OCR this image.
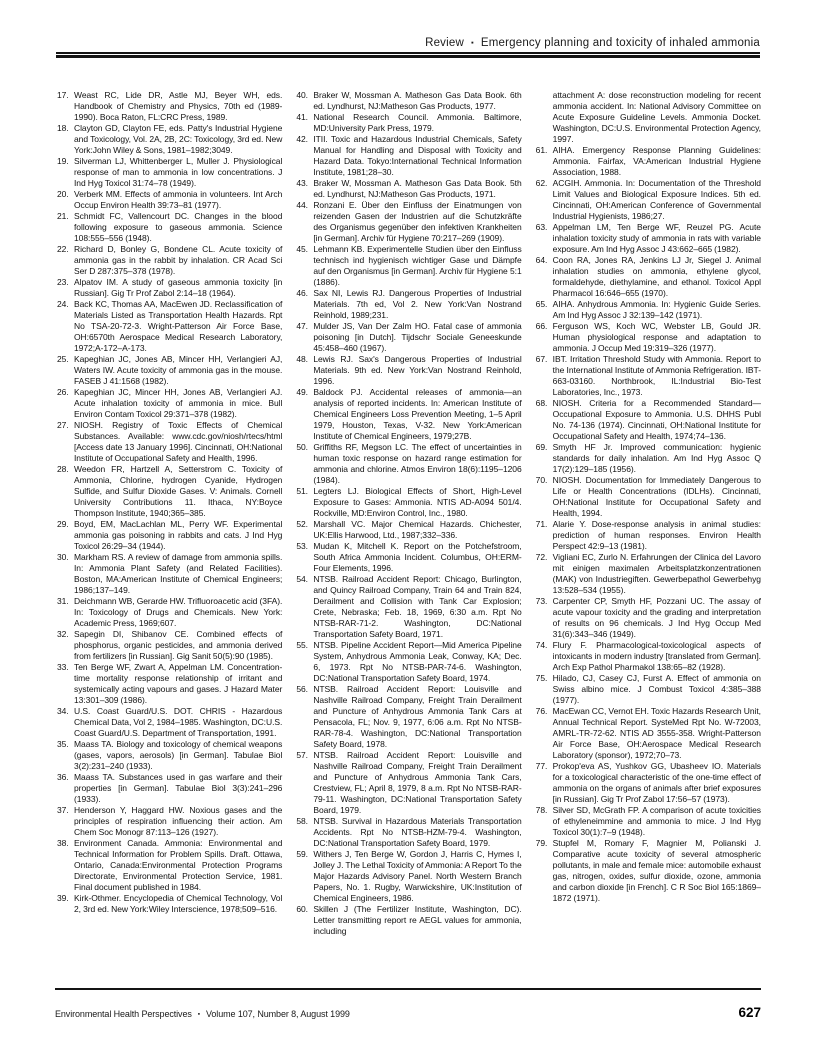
Review ▪ Emergency planning and toxicity of inhaled ammonia
17. Weast RC, Lide DR, Astle MJ, Beyer WH, eds. Handbook of Chemistry and Physics, 70th ed (1989-1990). Boca Raton, FL:CRC Press, 1989.
18. Clayton GD, Clayton FE, eds. Patty's Industrial Hygiene and Toxicology, Vol. 2A, 2B, 2C: Toxicology, 3rd ed. New York:John Wiley & Sons, 1981–1982;3049.
19. Silverman LJ, Whittenberger L, Muller J. Physiological response of man to ammonia in low concentrations. J Ind Hyg Toxicol 31:74–78 (1949).
20. Verberk MM. Effects of ammonia in volunteers. Int Arch Occup Environ Health 39:73–81 (1977).
21. Schmidt FC, Vallencourt DC. Changes in the blood following exposure to gaseous ammonia. Science 108:555–556 (1948).
22. Richard D, Bonley G, Bondene CL. Acute toxicity of ammonia gas in the rabbit by inhalation. CR Acad Sci Ser D 287:375–378 (1978).
23. Alpatov IM. A study of gaseous ammonia toxicity [in Russian]. Gig Tr Prof Zabol 2:14–18 (1964).
24. Back KC, Thomas AA, MacEwen JD. Reclassification of Materials Listed as Transportation Health Hazards. Rpt No TSA-20-72-3. Wright-Patterson Air Force Base, OH:6570th Aerospace Medical Research Laboratory, 1972;A-172–A-173.
25. Kapeghian JC, Jones AB, Mincer HH, Verlangieri AJ, Waters IW. Acute toxicity of ammonia gas in the mouse. FASEB J 41:1568 (1982).
26. Kapeghian JC, Mincer HH, Jones AB, Verlangieri AJ. Acute inhalation toxicity of ammonia in mice. Bull Environ Contam Toxicol 29:371–378 (1982).
27. NIOSH. Registry of Toxic Effects of Chemical Substances. Available: www.cdc.gov/niosh/rtecs/html [Access date 13 January 1996]. Cincinnati, OH:National Institute of Occupational Safety and Health, 1996.
28. Weedon FR, Hartzell A, Setterstrom C. Toxicity of Ammonia, Chlorine, hydrogen Cyanide, Hydrogen Sulfide, and Sulfur Dioxide Gases. V: Animals. Cornell University Contributions 11. Ithaca, NY:Boyce Thompson Institute, 1940;365–385.
29. Boyd, EM, MacLachlan ML, Perry WF. Experimental ammonia gas poisoning in rabbits and cats. J Ind Hyg Toxicol 26:29–34 (1944).
30. Markham RS. A review of damage from ammonia spills. In: Ammonia Plant Safety (and Related Facilities). Boston, MA:American Institute of Chemical Engineers; 1986;137–149.
31. Deichmann WB, Gerarde HW. Trifluoroacetic acid (3FA). In: Toxicology of Drugs and Chemicals. New York: Academic Press, 1969;607.
32. Sapegin DI, Shibanov CE. Combined effects of phosphorus, organic pesticides, and ammonia derived from fertilizers [in Russian]. Gig Sanit 50(5):90 (1985).
33. Ten Berge WF, Zwart A, Appelman LM. Concentration-time mortality response relationship of irritant and systemically acting vapours and gases. J Hazard Mater 13:301–309 (1986).
34. U.S. Coast Guard/U.S. DOT. CHRIS - Hazardous Chemical Data, Vol 2, 1984–1985. Washington, DC:U.S. Coast Guard/U.S. Department of Transportation, 1991.
35. Maass TA. Biology and toxicology of chemical weapons (gases, vapors, aerosols) [in German]. Tabulae Biol 3(2):231–240 (1933).
36. Maass TA. Substances used in gas warfare and their properties [in German]. Tabulae Biol 3(3):241–296 (1933).
37. Henderson Y, Haggard HW. Noxious gases and the principles of respiration influencing their action. Am Chem Soc Monogr 87:113–126 (1927).
38. Environment Canada. Ammonia: Environmental and Technical Information for Problem Spills. Draft. Ottawa, Ontario, Canada:Environmental Protection Programs Directorate, Environmental Protection Service, 1981. Final document published in 1984.
39. Kirk-Othmer. Encyclopedia of Chemical Technology, Vol 2, 3rd ed. New York:Wiley Interscience, 1978;509–516.
40. Braker W, Mossman A. Matheson Gas Data Book. 6th ed. Lyndhurst, NJ:Matheson Gas Products, 1977.
41. National Research Council. Ammonia. Baltimore, MD:University Park Press, 1979.
42. ITII. Toxic and Hazardous Industrial Chemicals, Safety Manual for Handling and Disposal with Toxicity and Hazard Data. Tokyo:International Technical Information Institute, 1981;28–30.
43. Braker W, Mossman A. Matheson Gas Data Book. 5th ed. Lyndhurst, NJ:Matheson Gas Products, 1971.
44. Ronzani E. Über den Einfluss der Einatmungen von reizenden Gasen der Industrien auf die Schutzkräfte des Organismus gegenüber den infektiven Krankheiten [in German]. Archiv für Hygiene 70:217–269 (1909).
45. Lehmann KB. Experimentelle Studien über den Einfluss technisch ind hygienisch wichtiger Gase und Dämpfe auf den Organismus [in German]. Archiv für Hygiene 5:1 (1886).
46. Sax NI, Lewis RJ. Dangerous Properties of Industrial Materials. 7th ed, Vol 2. New York:Van Nostrand Reinhold, 1989;231.
47. Mulder JS, Van Der Zalm HO. Fatal case of ammonia poisoning [in Dutch]. Tijdschr Sociale Geneeskunde 45:458–460 (1967).
48. Lewis RJ. Sax's Dangerous Properties of Industrial Materials. 9th ed. New York:Van Nostrand Reinhold, 1996.
49. Baldock PJ. Accidental releases of ammonia—an analysis of reported incidents. In: American Institute of Chemical Engineers Loss Prevention Meeting, 1–5 April 1979, Houston, Texas, V-32. New York:American Institute of Chemical Engineers, 1979;27B.
50. Griffiths RF, Megson LC. The effect of uncertainties in human toxic response on hazard range estimation for ammonia and chlorine. Atmos Environ 18(6):1195–1206 (1984).
51. Legters LJ. Biological Effects of Short, High-Level Exposure to Gases: Ammonia. NTIS AD-A094 501/4. Rockville, MD:Environ Control, Inc., 1980.
52. Marshall VC. Major Chemical Hazards. Chichester, UK:Ellis Harwood, Ltd., 1987;332–336.
53. Mudan K, Mitchell K. Report on the Potchefstroom, South Africa Ammonia Incident. Columbus, OH:ERM-Four Elements, 1996.
54. NTSB. Railroad Accident Report: Chicago, Burlington, and Quincy Railroad Company, Train 64 and Train 824, Derailment and Collision with Tank Car Explosion; Crete, Nebraska; Feb. 18, 1969, 6:30 a.m. Rpt No NTSB-RAR-71-2. Washington, DC:National Transportation Safety Board, 1971.
55. NTSB. Pipeline Accident Report—Mid America Pipeline System, Anhydrous Ammonia Leak, Conway, KA; Dec. 6, 1973. Rpt No NTSB-PAR-74-6. Washington, DC:National Transportation Safety Board, 1974.
56. NTSB. Railroad Accident Report: Louisville and Nashville Railroad Company, Freight Train Derailment and Puncture of Anhydrous Ammonia Tank Cars at Pensacola, FL; Nov. 9, 1977, 6:06 a.m. Rpt No NTSB-RAR-78-4. Washington, DC:National Transportation Safety Board, 1978.
57. NTSB. Railroad Accident Report: Louisville and Nashville Railroad Company, Freight Train Derailment and Puncture of Anhydrous Ammonia Tank Cars, Crestview, FL; April 8, 1979, 8 a.m. Rpt No NTSB-RAR-79-11. Washington, DC:National Transportation Safety Board, 1979.
58. NTSB. Survival in Hazardous Materials Transportation Accidents. Rpt No NTSB-HZM-79-4. Washington, DC:National Transportation Safety Board, 1979.
59. Withers J, Ten Berge W, Gordon J, Harris C, Hymes I, Jolley J. The Lethal Toxicity of Ammonia: A Report To the Major Hazards Advisory Panel. North Western Branch Papers, No. 1. Rugby, Warwickshire, UK:Institution of Chemical Engineers, 1986.
60. Skillen J (The Fertilizer Institute, Washington, DC). Letter transmitting report re AEGL values for ammonia, including
attachment A: dose reconstruction modeling for recent ammonia accident. In: National Advisory Committee on Acute Exposure Guideline Levels. Ammonia Docket. Washington, DC:U.S. Environmental Protection Agency, 1997.
61. AIHA. Emergency Response Planning Guidelines: Ammonia. Fairfax, VA:American Industrial Hygiene Association, 1988.
62. ACGIH. Ammonia. In: Documentation of the Threshold Limit Values and Biological Exposure Indices. 5th ed. Cincinnati, OH:American Conference of Governmental Industrial Hygienists, 1986;27.
63. Appelman LM, Ten Berge WF, Reuzel PG. Acute inhalation toxicity study of ammonia in rats with variable exposure. Am Ind Hyg Assoc J 43:662–665 (1982).
64. Coon RA, Jones RA, Jenkins LJ Jr, Siegel J. Animal inhalation studies on ammonia, ethylene glycol, formaldehyde, diethylamine, and ethanol. Toxicol Appl Pharmacol 16:646–655 (1970).
65. AIHA. Anhydrous Ammonia. In: Hygienic Guide Series. Am Ind Hyg Assoc J 32:139–142 (1971).
66. Ferguson WS, Koch WC, Webster LB, Gould JR. Human physiological response and adaptation to ammonia. J Occup Med 19:319–326 (1977).
67. IBT. Irritation Threshold Study with Ammonia. Report to the International Institute of Ammonia Refrigeration. IBT-663-03160. Northbrook, IL:Industrial Bio-Test Laboratories, Inc., 1973.
68. NIOSH. Criteria for a Recommended Standard—Occupational Exposure to Ammonia. U.S. DHHS Publ No. 74-136 (1974). Cincinnati, OH:National Institute for Occupational Safety and Health, 1974;74–136.
69. Smyth HF Jr. Improved communication: hygienic standards for daily inhalation. Am Ind Hyg Assoc Q 17(2):129–185 (1956).
70. NIOSH. Documentation for Immediately Dangerous to Life or Health Concentrations (IDLHs). Cincinnati, OH:National Institute for Occupational Safety and Health, 1994.
71. Alarie Y. Dose-response analysis in animal studies: prediction of human responses. Environ Health Perspect 42:9–13 (1981).
72. Vigliani EC, Zurlo N. Erfahrungen der Clinica del Lavoro mit einigen maximalen Arbeitsplatzkonzentrationen (MAK) von Industriegiften. Gewerbepathol Gewerbehyg 13:528–534 (1955).
73. Carpenter CP, Smyth HF, Pozzani UC. The assay of acute vapour toxicity and the grading and interpretation of results on 96 chemicals. J Ind Hyg Occup Med 31(6):343–346 (1949).
74. Flury F. Pharmacological-toxicological aspects of intoxicants in modern industry [translated from German]. Arch Exp Pathol Pharmakol 138:65–82 (1928).
75. Hilado, CJ, Casey CJ, Furst A. Effect of ammonia on Swiss albino mice. J Combust Toxicol 4:385–388 (1977).
76. MacEwan CC, Vernot EH. Toxic Hazards Research Unit, Annual Technical Report. SysteMed Rpt No. W-72003, AMRL-TR-72-62. NTIS AD 3555-358. Wright-Patterson Air Force Base, OH:Aerospace Medical Research Laboratory (sponsor), 1972;70–73.
77. Prokop'eva AS, Yushkov GG, Ubasheev IO. Materials for a toxicological characteristic of the one-time effect of ammonia on the organs of animals after brief exposures [in Russian]. Gig Tr Prof Zabol 17:56–57 (1973).
78. Silver SD, McGrath FP. A comparison of acute toxicities of ethyleneimmine and ammonia to mice. J Ind Hyg Toxicol 30(1):7–9 (1948).
79. Stupfel M, Romary F, Magnier M, Polianski J. Comparative acute toxicity of several atmospheric pollutants, in male and female mice: automobile exhaust gas, nitrogen, oxides, sulfur dioxide, ozone, ammonia and carbon dioxide [in French]. C R Soc Biol 165:1869–1872 (1971).
Environmental Health Perspectives ▪ Volume 107, Number 8, August 1999	627
